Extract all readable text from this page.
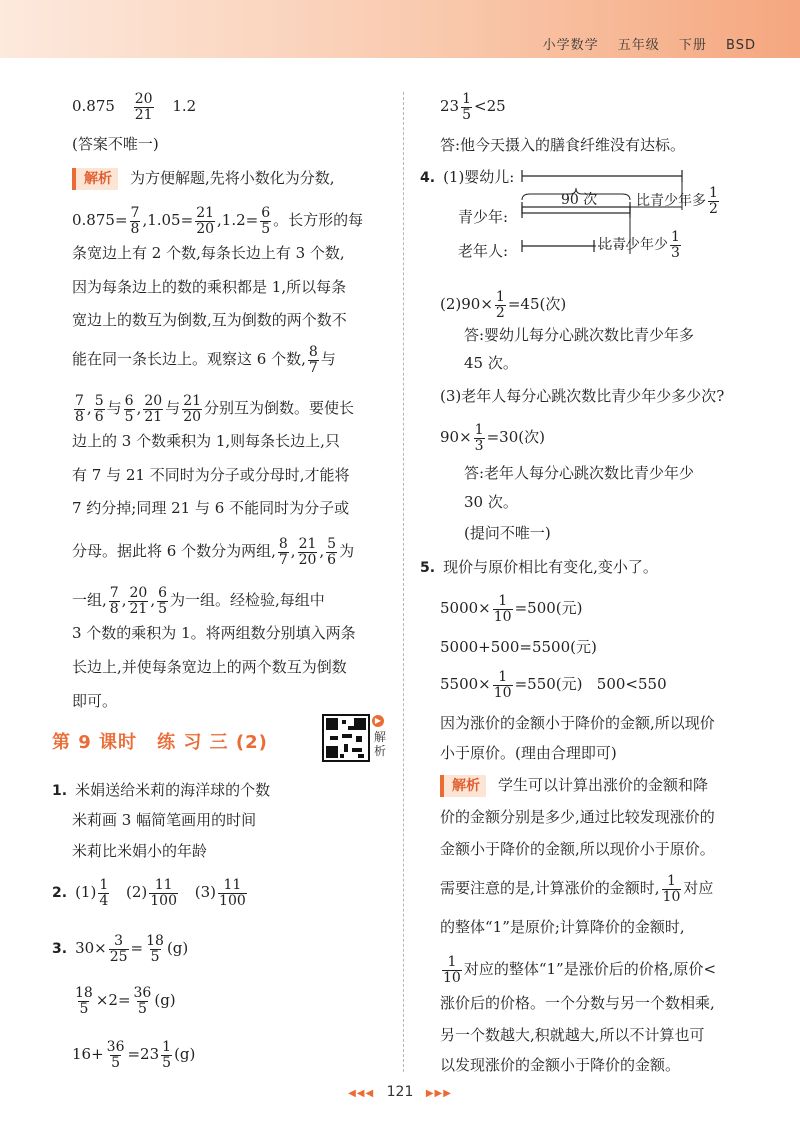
小学数学 五年级 下册 BSD
$0.875 \frac{20}{21} 1.2$
(答案不唯一)
解析 为方便解题,先将小数化为分数,
$0.875= \frac{7}{8} ,1.05= \frac{21}{20} ,1.2= \frac{6}{5}$ 。长方形的每
条宽边上有 2 个数,每条长边上有 3 个数,
因为每条边上的数的乘积都是 1,所以每条
宽边上的数互为倒数,互为倒数的两个数不
能在同一条长边上。观察这 6 个数, $\frac{8}{7}$ 与
$\frac{7}{8}$ , $\frac{5}{6}$ 与 $\frac{6}{5}$ , $\frac{20}{21}$ 与 $\frac{21}{20}$ 分别互为倒数。要使长
边上的 3 个数乘积为 1,则每条长边上,只
有 7 与 21 不同时为分子或分母时,才能将
7 约分掉;同理 21 与 6 不能同时为分子或
分母。据此将 6 个数分为两组, $\frac{8}{7}$ , $\frac{21}{20}$ , $\frac{5}{6}$ 为
一组, $\frac{7}{8}$ , $\frac{20}{21}$ , $\frac{6}{5}$ 为一组。经检验,每组中
3 个数的乘积为 1。将两组数分别填入两条
长边上,并使每条宽边上的两个数互为倒数
即可。
第 9 课时 练 习 三 (2)
▶
解析
1. 米娟送给米莉的海洋球的个数
米莉画 3 幅简笔画用的时间
米莉比米娟小的年龄
2. $(1) \frac{1}{4} (2) \frac{11}{100} (3) \frac{11}{100}$
3. $30\times \frac{3}{25} = \frac{18}{5} (g)$
$\frac{18}{5} \times 2= \frac{36}{5} (g)$
$16+ \frac{36}{5} =23 \frac{1}{5} (g)$
$23 \frac{1}{5} <25$
答:他今天摄入的膳食纤维没有达标。
4. (1)婴幼儿:
青少年:
老年人:
90 次	比青少年多 $\frac{1}{2}$
比青少年少 $\frac{1}{3}$
$(2)90\times \frac{1}{2} =45$(次)
答:婴幼儿每分心跳次数比青少年多
45 次。
(3)老年人每分心跳次数比青少年少多少次?
$90\times \frac{1}{3} =30$(次)
答:老年人每分心跳次数比青少年少
30 次。
(提问不唯一)
5. 现价与原价相比有变化,变小了。
$5000\times \frac{1}{10} =500$(元)
5000+500=5500(元)
$5500\times \frac{1}{10} =550$(元)   500<550
因为涨价的金额小于降价的金额,所以现价
小于原价。(理由合理即可)
解析 学生可以计算出涨价的金额和降
价的金额分别是多少,通过比较发现涨价的
金额小于降价的金额,所以现价小于原价。
需要注意的是,计算涨价的金额时, $\frac{1}{10}$ 对应
的整体“1”是原价;计算降价的金额时,
$\frac{1}{10}$ 对应的整体“1”是涨价后的价格,原价<
涨价后的价格。一个分数与另一个数相乘,
另一个数越大,积就越大,所以不计算也可
以发现涨价的金额小于降价的金额。
◀◀◀ 121 ▶▶▶
